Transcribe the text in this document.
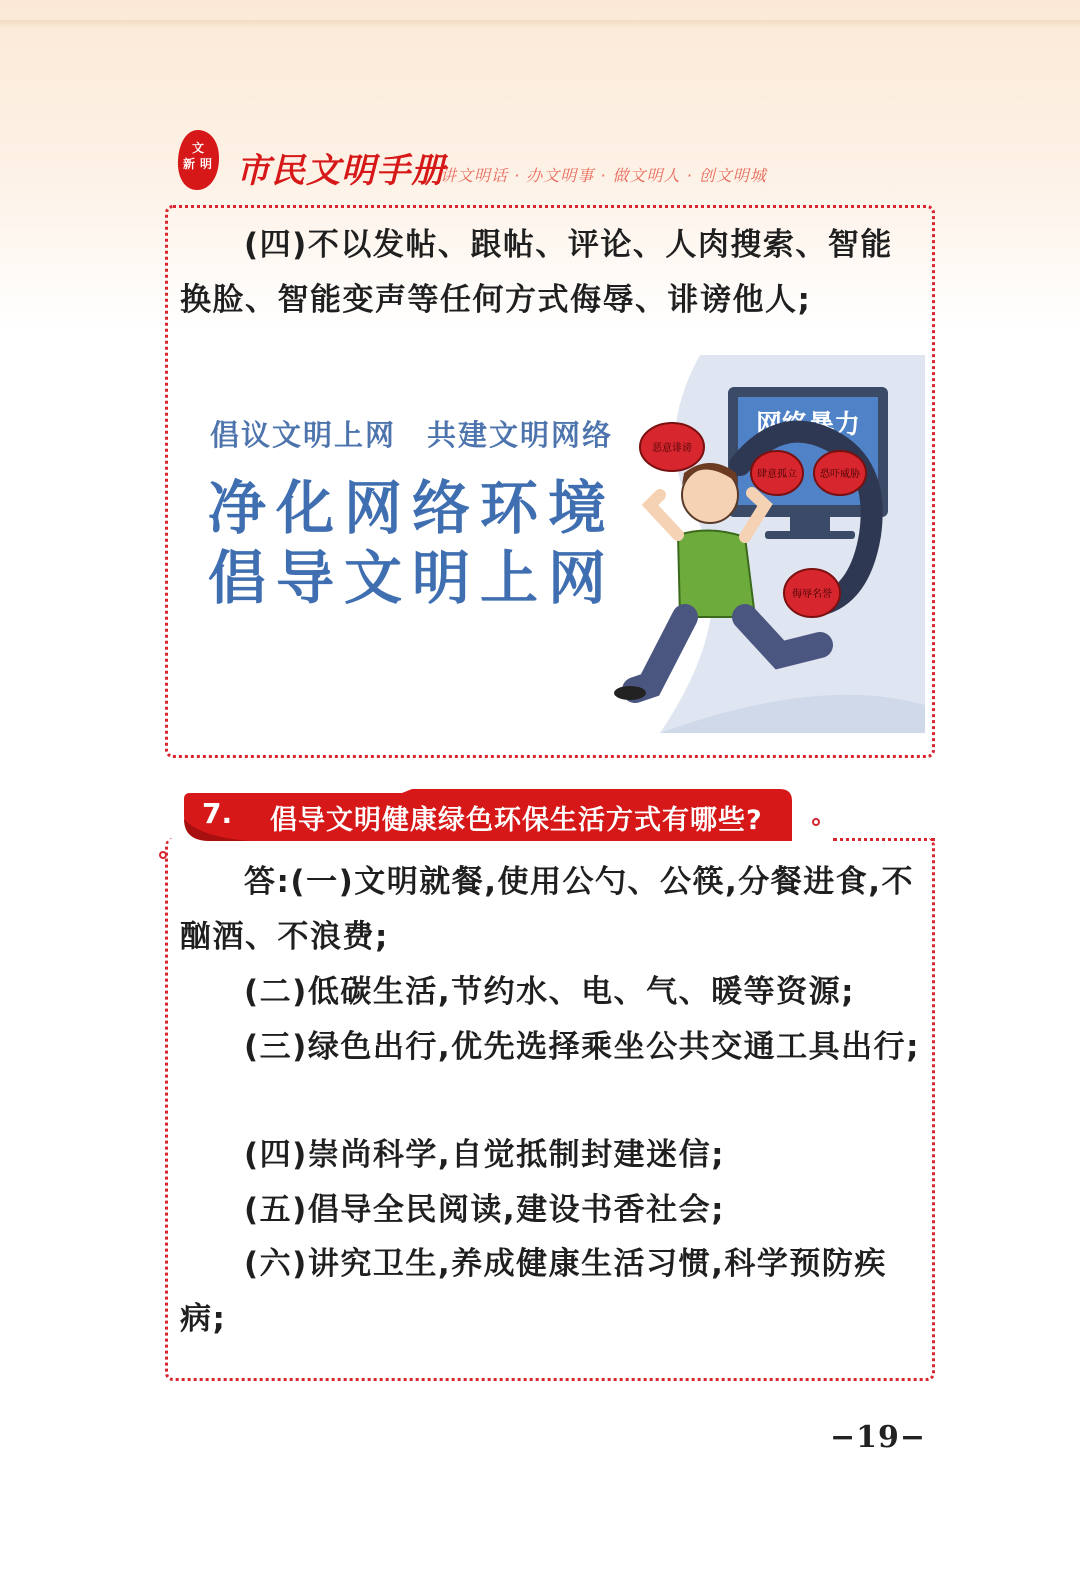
文
新 明 市民文明手册
讲文明话 · 办文明事 · 做文明人 · 创文明城

(四)不以发帖、跟帖、评论、人肉搜索、智能换脸、智能变声等任何方式侮辱、诽谤他人;

网络暴力
恶意诽谤
肆意孤立 恐吓威胁
侮辱名誉
倡议文明上网　共建文明网络
净化网络环境
倡导文明上网
7. 倡导文明健康绿色环保生活方式有哪些?

答:(一)文明就餐,使用公勺、公筷,分餐进食,不酗酒、不浪费;

(二)低碳生活,节约水、电、气、暖等资源;

(三)绿色出行,优先选择乘坐公共交通工具出行;

(四)崇尚科学,自觉抵制封建迷信;

(五)倡导全民阅读,建设书香社会;

(六)讲究卫生,养成健康生活习惯,科学预防疾病;

−19−
